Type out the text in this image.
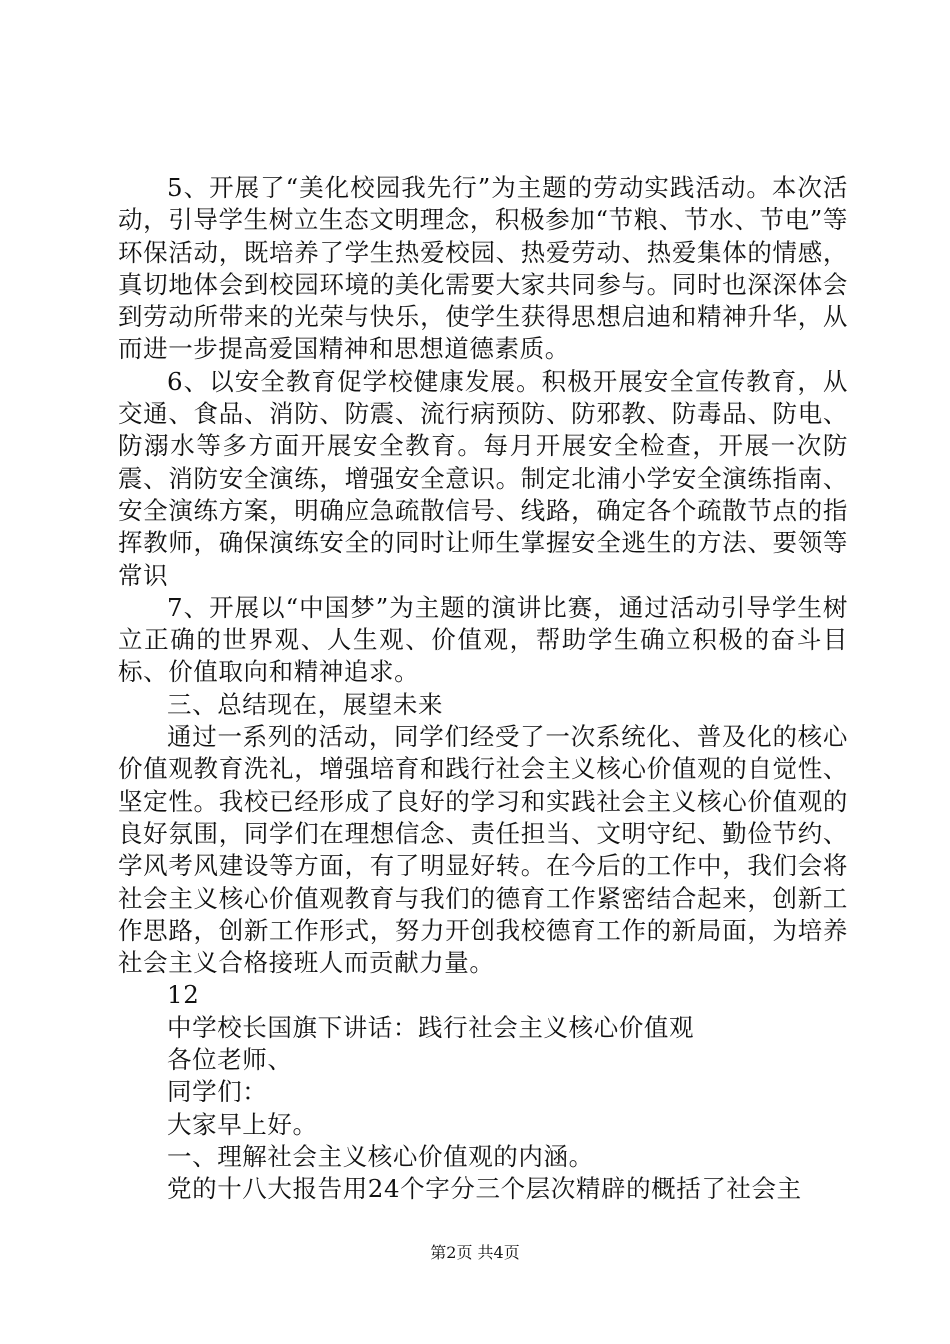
5、开展了“美化校园我先行”为主题的劳动实践活动。本次活动，引导学生树立生态文明理念，积极参加“节粮、节水、节电”等环保活动，既培养了学生热爱校园、热爱劳动、热爱集体的情感，真切地体会到校园环境的美化需要大家共同参与。同时也深深体会到劳动所带来的光荣与快乐，使学生获得思想启迪和精神升华，从而进一步提高爱国精神和思想道德素质。

6、以安全教育促学校健康发展。积极开展安全宣传教育，从交通、食品、消防、防震、流行病预防、防邪教、防毒品、防电、防溺水等多方面开展安全教育。每月开展安全检查，开展一次防震、消防安全演练，增强安全意识。制定北浦小学安全演练指南、安全演练方案，明确应急疏散信号、线路，确定各个疏散节点的指挥教师，确保演练安全的同时让师生掌握安全逃生的方法、要领等常识

7、开展以“中国梦”为主题的演讲比赛，通过活动引导学生树立正确的世界观、人生观、价值观，帮助学生确立积极的奋斗目标、价值取向和精神追求。

三、总结现在，展望未来

通过一系列的活动，同学们经受了一次系统化、普及化的核心价值观教育洗礼，增强培育和践行社会主义核心价值观的自觉性、坚定性。我校已经形成了良好的学习和实践社会主义核心价值观的良好氛围，同学们在理想信念、责任担当、文明守纪、勤俭节约、学风考风建设等方面，有了明显好转。在今后的工作中，我们会将社会主义核心价值观教育与我们的德育工作紧密结合起来，创新工作思路，创新工作形式，努力开创我校德育工作的新局面，为培养社会主义合格接班人而贡献力量。

12

中学校长国旗下讲话：践行社会主义核心价值观

各位老师、

同学们：

大家早上好。

一、理解社会主义核心价值观的内涵。

党的十八大报告用24个字分三个层次精辟的概括了社会主

第2页 共4页
